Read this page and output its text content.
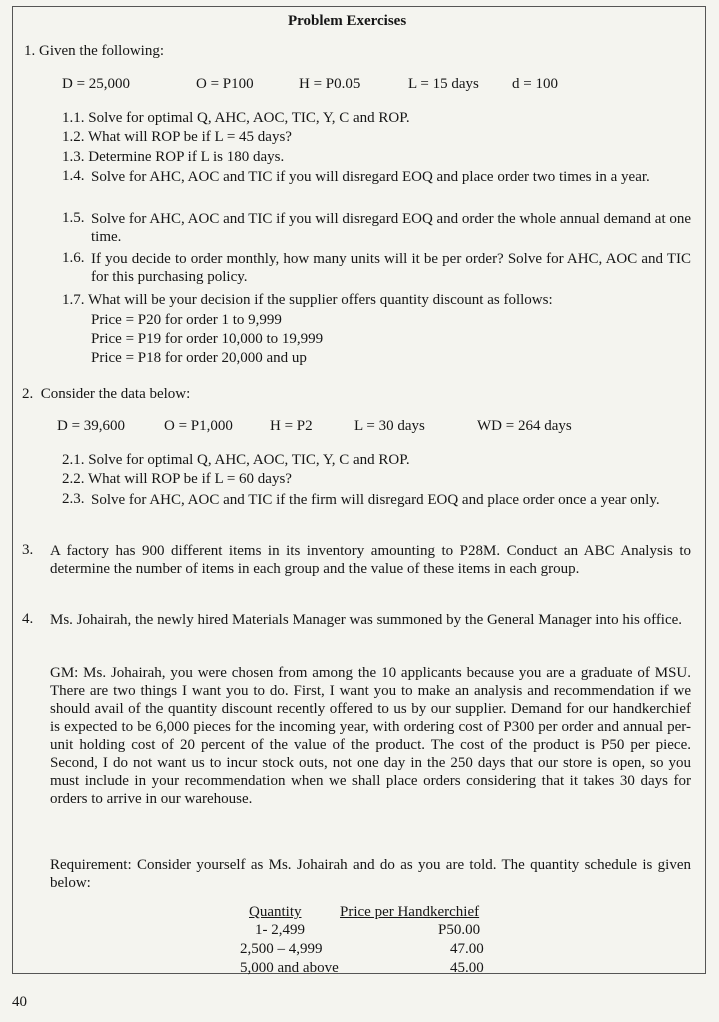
Problem Exercises
1. Given the following:
D = 25,000	O = P100	H = P0.05	L = 15 days d = 100
1.1. Solve for optimal Q, AHC, AOC, TIC, Y, C and ROP.
1.2. What will ROP be if L = 45 days?
1.3. Determine ROP if L is 180 days.
1.4. Solve for AHC, AOC and TIC if you will disregard EOQ and place order two times in a year.
1.5. Solve for AHC, AOC and TIC if you will disregard EOQ and order the whole annual demand at one time.
1.6. If you decide to order monthly, how many units will it be per order? Solve for AHC, AOC and TIC for this purchasing policy.
1.7. What will be your decision if the supplier offers quantity discount as follows:
Price = P20 for order 1 to 9,999
Price = P19 for order 10,000 to 19,999
Price = P18 for order 20,000 and up
2. Consider the data below:
D = 39,600	O = P1,000 H = P2	L = 30 days	WD = 264 days
2.1. Solve for optimal Q, AHC, AOC, TIC, Y, C and ROP.
2.2. What will ROP be if L = 60 days?
2.3. Solve for AHC, AOC and TIC if the firm will disregard EOQ and place order once a year only.
3. A factory has 900 different items in its inventory amounting to P28M. Conduct an ABC Analysis to determine the number of items in each group and the value of these items in each group.
4. Ms. Johairah, the newly hired Materials Manager was summoned by the General Manager into his office.
GM: Ms. Johairah, you were chosen from among the 10 applicants because you are a graduate of MSU. There are two things I want you to do. First, I want you to make an analysis and recommendation if we should avail of the quantity discount recently offered to us by our supplier. Demand for our handkerchief is expected to be 6,000 pieces for the incoming year, with ordering cost of P300 per order and annual per-unit holding cost of 20 percent of the value of the product. The cost of the product is P50 per piece. Second, I do not want us to incur stock outs, not one day in the 250 days that our store is open, so you must include in your recommendation when we shall place orders considering that it takes 30 days for orders to arrive in our warehouse.
Requirement: Consider yourself as Ms. Johairah and do as you are told. The quantity schedule is given below:
Quantity	Price per Handkerchief
1- 2,499	P50.00
2,500 – 4,999	47.00
5,000 and above	45.00
40
